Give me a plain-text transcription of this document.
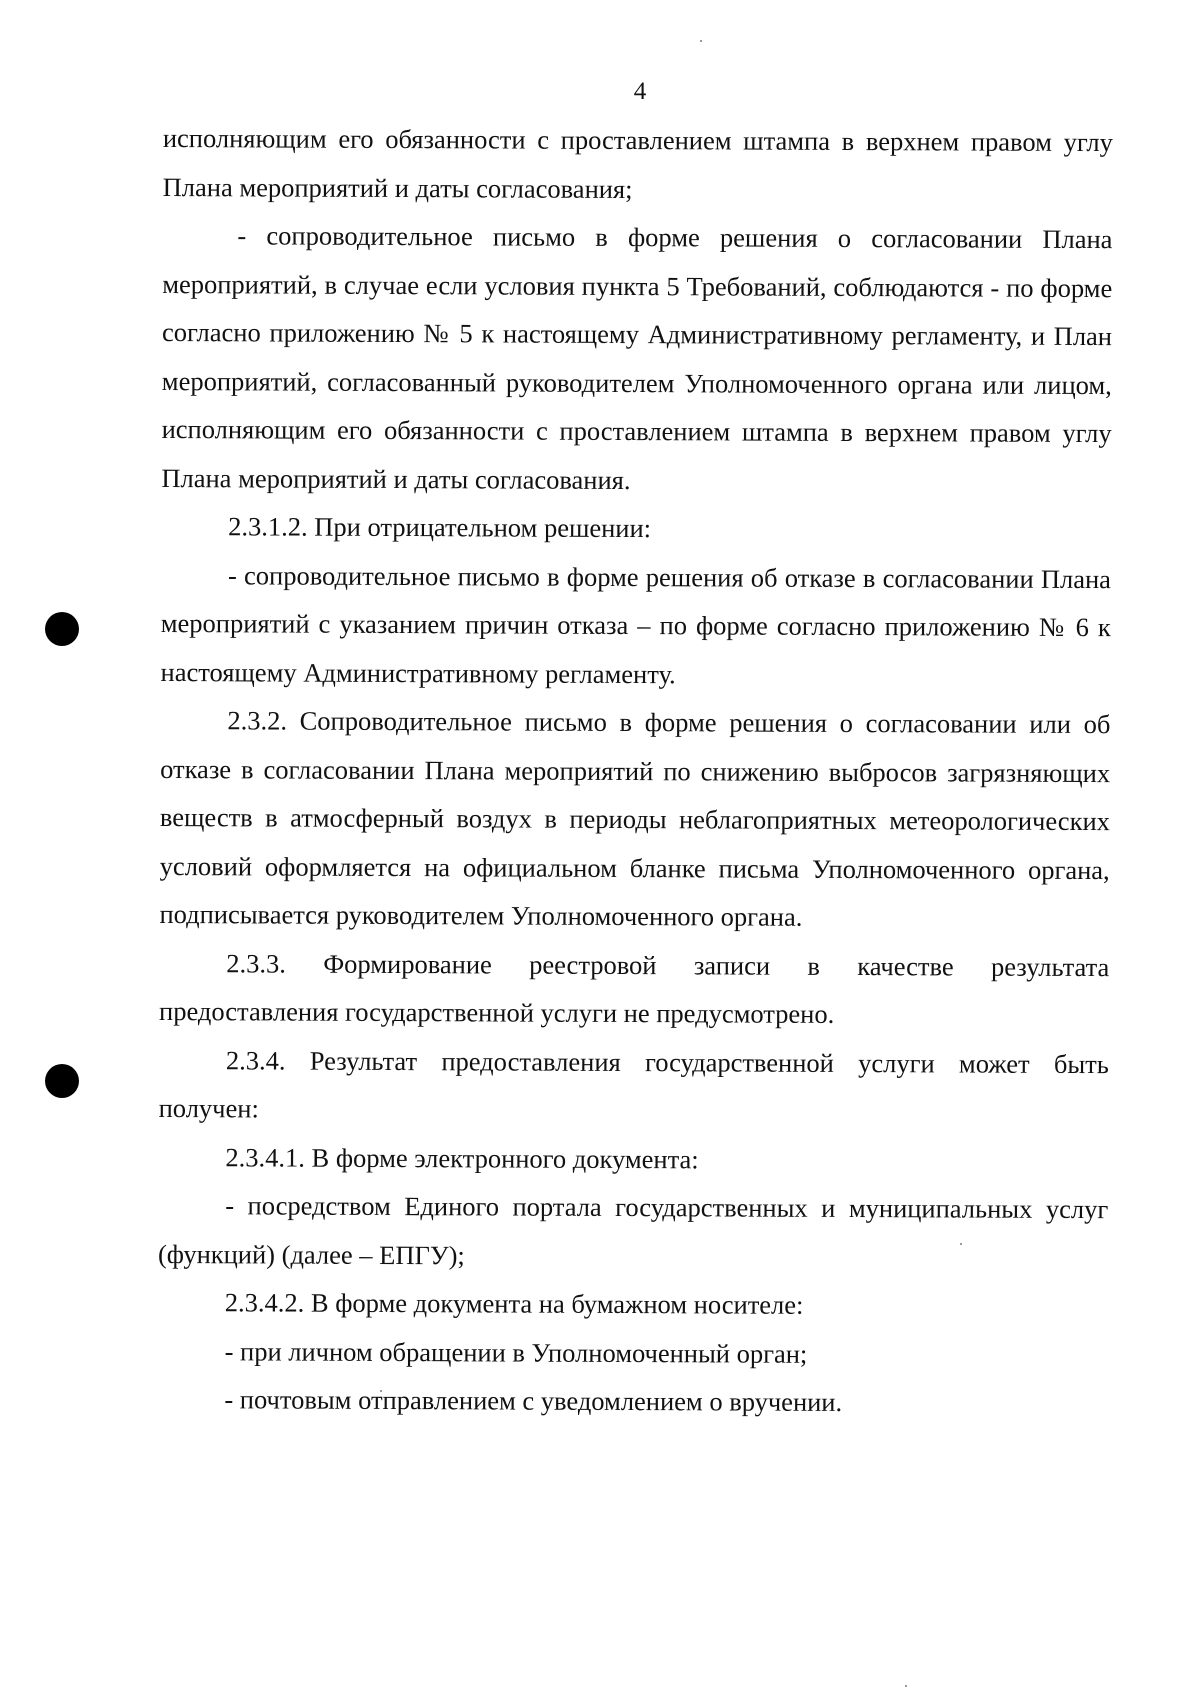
4

исполняющим его обязанности с проставлением штампа в верхнем правом углу Плана мероприятий и даты согласования;

- сопроводительное письмо в форме решения о согласовании Плана мероприятий, в случае если условия пункта 5 Требований, соблюдаются - по форме согласно приложению № 5 к настоящему Административному регламенту, и План мероприятий, согласованный руководителем Уполномоченного органа или лицом, исполняющим его обязанности с проставлением штампа в верхнем правом углу Плана мероприятий и даты согласования.

2.3.1.2. При отрицательном решении:

- сопроводительное письмо в форме решения об отказе в согласовании Плана мероприятий с указанием причин отказа – по форме согласно приложению № 6 к настоящему Административному регламенту.

2.3.2. Сопроводительное письмо в форме решения о согласовании или об отказе в согласовании Плана мероприятий по снижению выбросов загрязняющих веществ в атмосферный воздух в периоды неблагоприятных метеорологических условий оформляется на официальном бланке письма Уполномоченного органа, подписывается руководителем Уполномоченного органа.

2.3.3. Формирование реестровой записи в качестве результата предоставления государственной услуги не предусмотрено.

2.3.4. Результат предоставления государственной услуги может быть получен:

2.3.4.1. В форме электронного документа:

- посредством Единого портала государственных и муниципальных услуг (функций) (далее – ЕПГУ);

2.3.4.2. В форме документа на бумажном носителе:

- при личном обращении в Уполномоченный орган;

- почтовым отправлением с уведомлением о вручении.
